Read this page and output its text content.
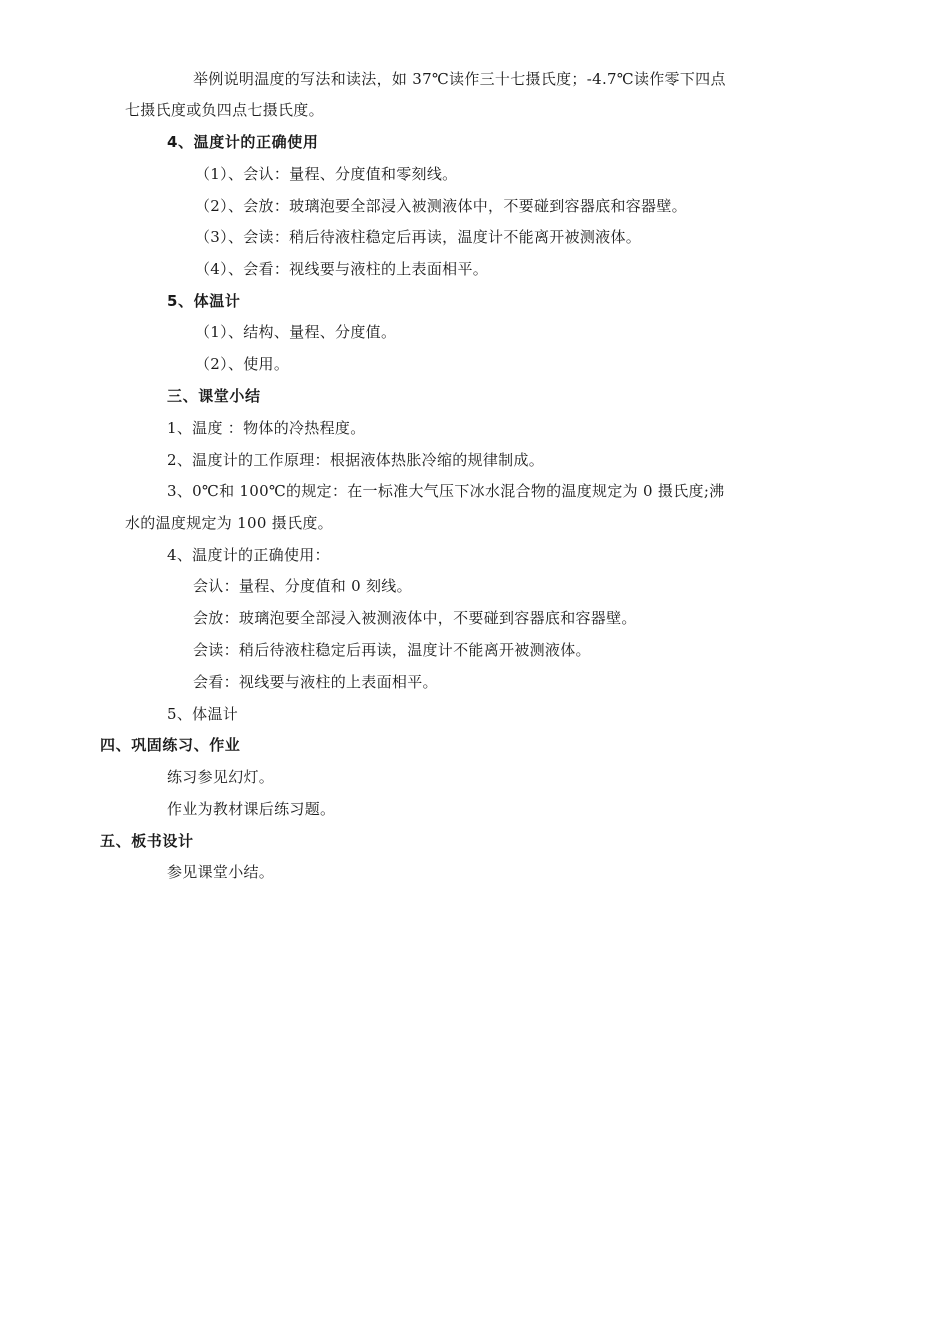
举例说明温度的写法和读法，如 37℃读作三十七摄氏度；-4.7℃读作零下四点
七摄氏度或负四点七摄氏度。
4、温度计的正确使用
（1）、会认：量程、分度值和零刻线。
（2）、会放：玻璃泡要全部浸入被测液体中，不要碰到容器底和容器壁。
（3）、会读：稍后待液柱稳定后再读，温度计不能离开被测液体。
（4）、会看：视线要与液柱的上表面相平。
5、体温计
（1）、结构、量程、分度值。
（2）、使用。
三、课堂小结
1、温度 ：物体的冷热程度。
2、温度计的工作原理：根据液体热胀冷缩的规律制成。
3、0℃和 100℃的规定：在一标准大气压下冰水混合物的温度规定为 0 摄氏度;沸
水的温度规定为 100 摄氏度。
4、温度计的正确使用：
会认：量程、分度值和 0 刻线。
会放：玻璃泡要全部浸入被测液体中，不要碰到容器底和容器壁。
会读：稍后待液柱稳定后再读，温度计不能离开被测液体。
会看：视线要与液柱的上表面相平。
5、体温计
四、巩固练习、作业
练习参见幻灯。
作业为教材课后练习题。
五、板书设计
参见课堂小结。
